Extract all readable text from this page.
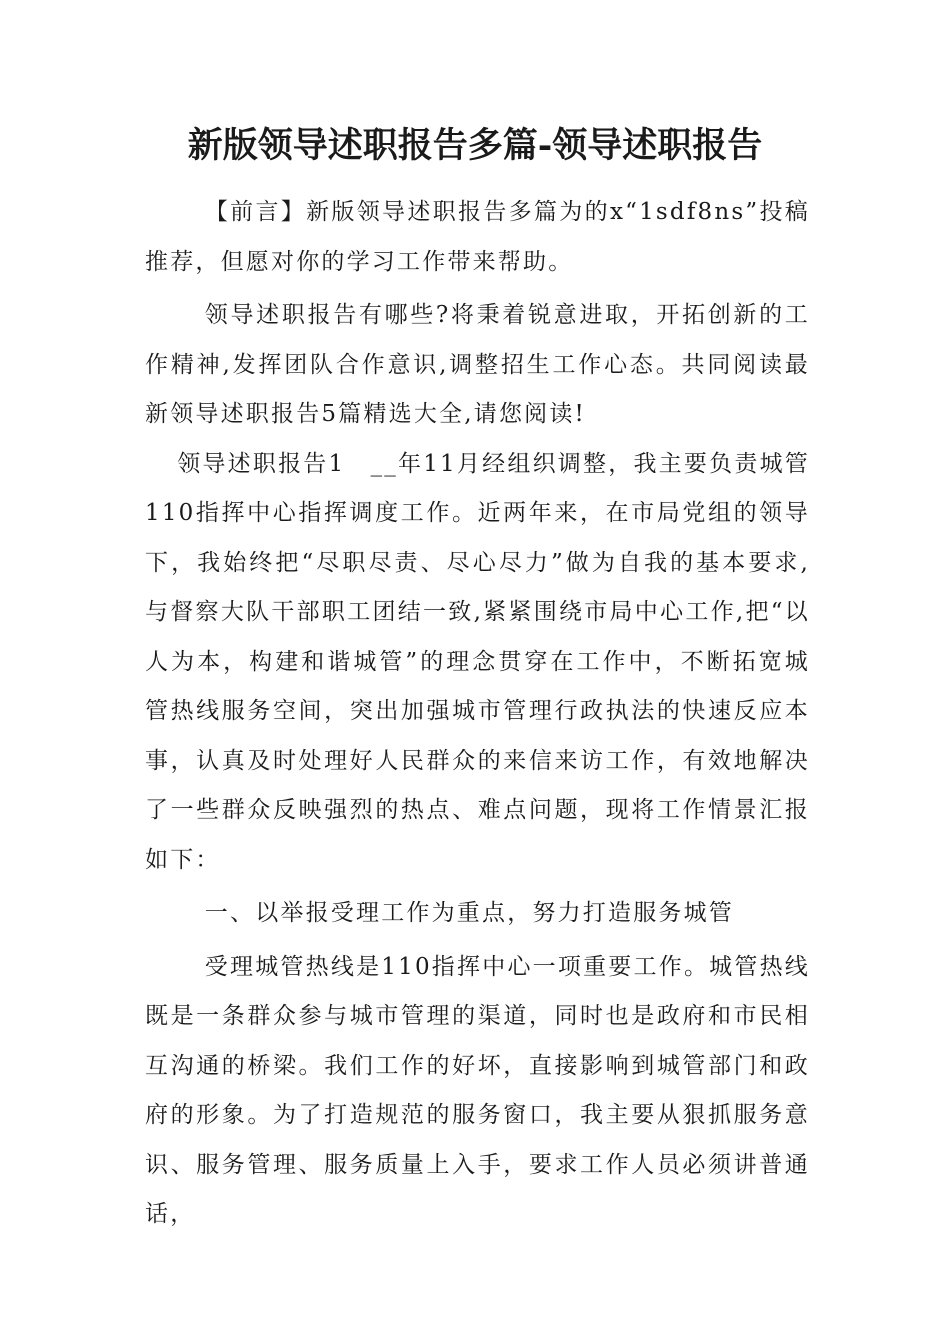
新版领导述职报告多篇-领导述职报告

【前言】新版领导述职报告多篇为的x“1sdf8ns”投稿推荐，但愿对你的学习工作带来帮助。

领导述职报告有哪些?将秉着锐意进取，开拓创新的工作精神,发挥团队合作意识,调整招生工作心态。共同阅读最新领导述职报告5篇精选大全,请您阅读!

领导述职报告1　__年11月经组织调整，我主要负责城管110指挥中心指挥调度工作。近两年来，在市局党组的领导下，我始终把“尽职尽责、尽心尽力”做为自我的基本要求,与督察大队干部职工团结一致,紧紧围绕市局中心工作,把“以人为本，构建和谐城管”的理念贯穿在工作中，不断拓宽城管热线服务空间，突出加强城市管理行政执法的快速反应本事，认真及时处理好人民群众的来信来访工作，有效地解决了一些群众反映强烈的热点、难点问题，现将工作情景汇报如下：

一、以举报受理工作为重点，努力打造服务城管

受理城管热线是110指挥中心一项重要工作。城管热线既是一条群众参与城市管理的渠道，同时也是政府和市民相互沟通的桥梁。我们工作的好坏，直接影响到城管部门和政府的形象。为了打造规范的服务窗口，我主要从狠抓服务意识、服务管理、服务质量上入手，要求工作人员必须讲普通话，
